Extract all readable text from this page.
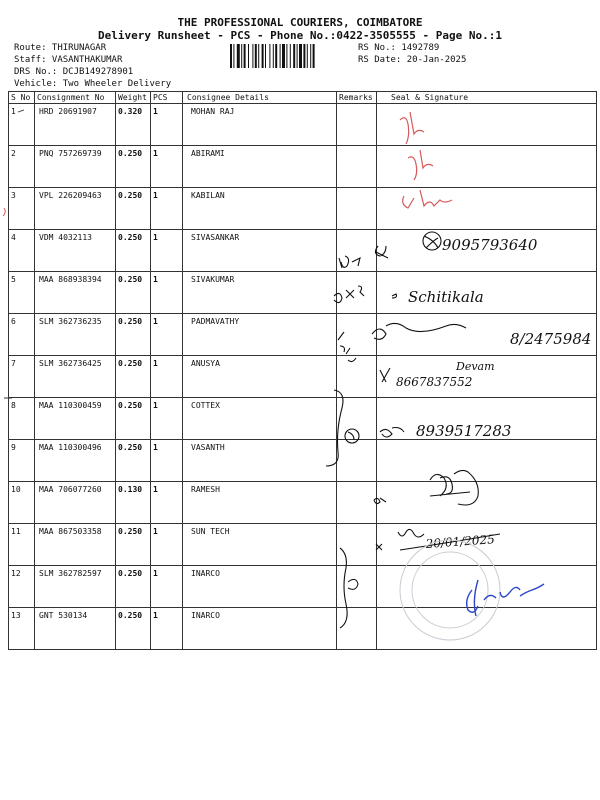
THE PROFESSIONAL COURIERS, COIMBATORE
Delivery Runsheet - PCS - Phone No.:0422-3505555 - Page No.:1
Route: THIRUNAGAR
Staff: VASANTHAKUMAR
DRS No.: DCJB149278901
Vehicle: Two Wheeler Delivery
RS No.: 1492789
RS Date: 20-Jan-2025
S No	Consignment No	Weight	PCS	Consignee Details	Remarks	Seal & Signature
1	HRD 20691907	0.320	1	MOHAN RAJ		
2	PNQ 757269739	0.250	1	ABIRAMI		
3	VPL 226209463	0.250	1	KABILAN		
4	VDM 4032113	0.250	1	SIVASANKAR		
5	MAA 868938394	0.250	1	SIVAKUMAR		
6	SLM 362736235	0.250	1	PADMAVATHY		
7	SLM 362736425	0.250	1	ANUSYA		
8	MAA 110300459	0.250	1	COTTEX		
9	MAA 110300496	0.250	1	VASANTH		
10	MAA 706077260	0.130	1	RAMESH		
11	MAA 867503358	0.250	1	SUN TECH		
12	SLM 362782597	0.250	1	INARCO		
13	GNT 530134	0.250	1	INARCO		
9095793640
Schitikala
8/2475984
Devam
8667837552
8939517283
20/01/2025
